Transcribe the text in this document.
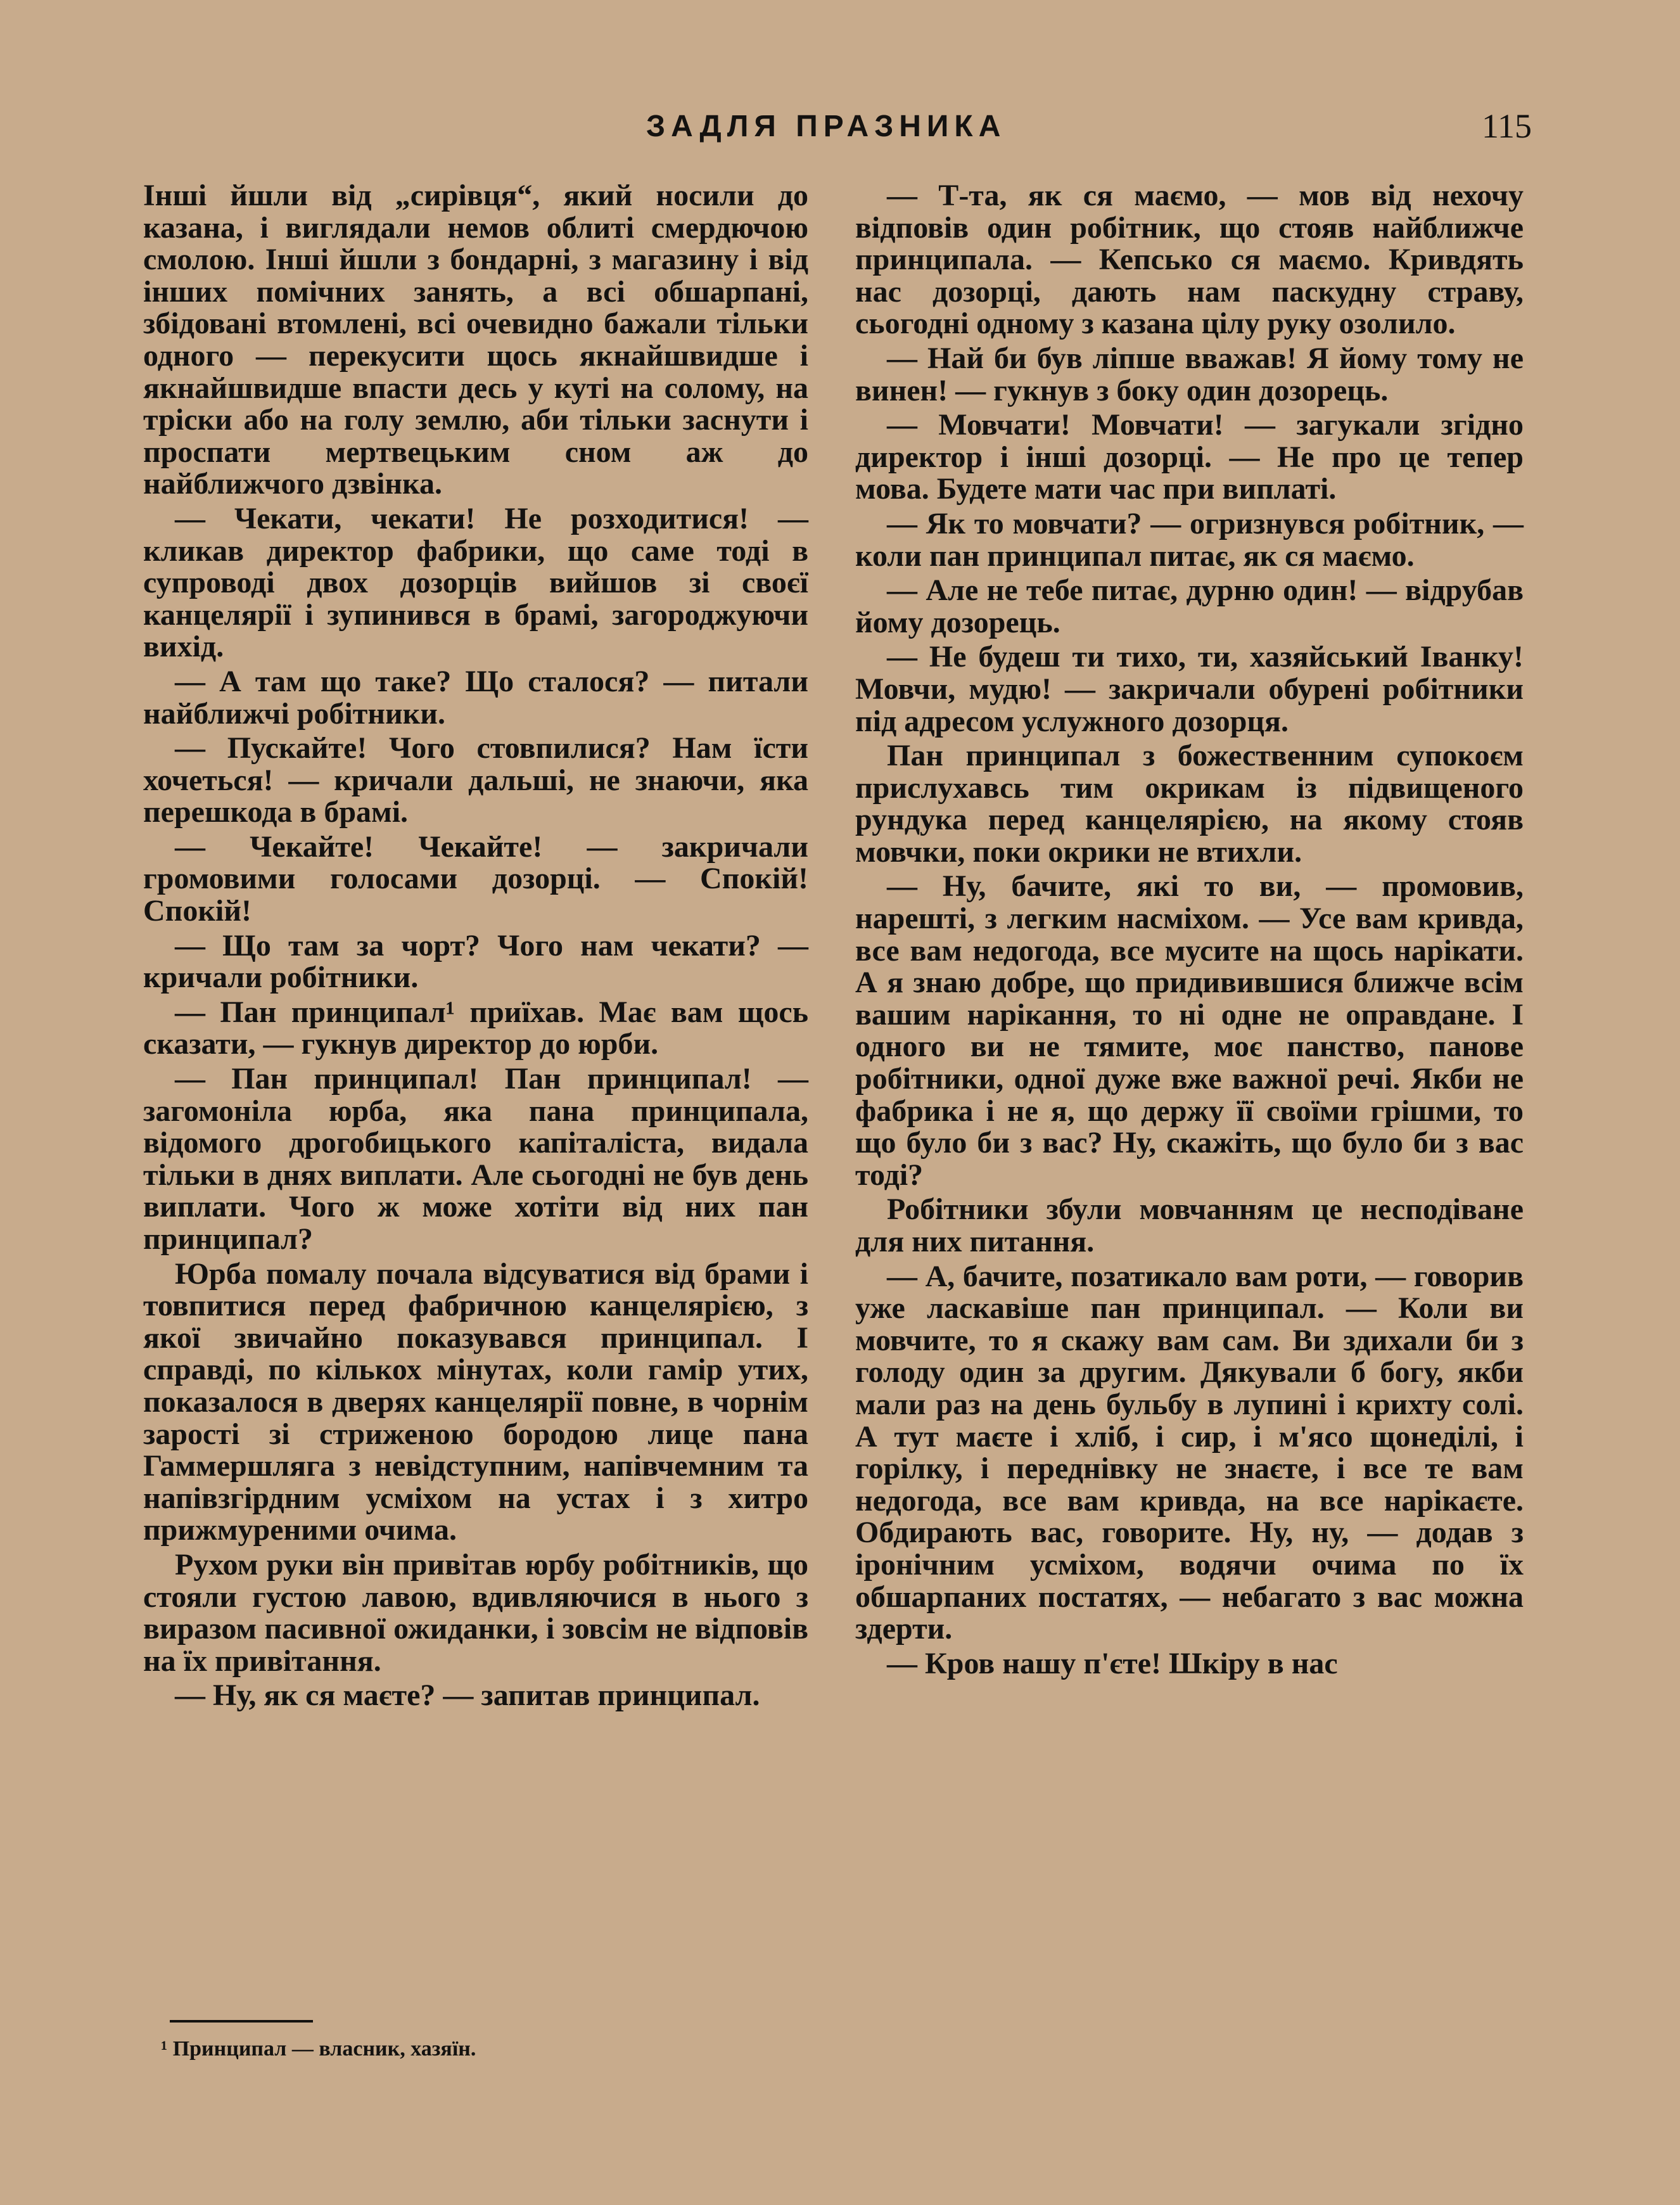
ЗАДЛЯ ПРАЗНИКА	115

Інші йшли від „сирівця“, який носили до казана, і виглядали немов облиті смердючою смолою. Інші йшли з бондарні, з магазину і від інших помічних занять, а всі обшарпані, збідовані втомлені, всі очевидно бажали тільки одного — перекусити щось якнайшвидше і якнайшвидше впасти десь у куті на солому, на тріски або на голу землю, аби тільки заснути і проспати мертвецьким сном аж до найближчого дзвінка.

— Чекати, чекати! Не розходитися! — кликав директор фабрики, що саме тоді в супроводі двох дозорців вийшов зі своєї канцелярії і зупинився в брамі, загороджуючи вихід.

— А там що таке? Що сталося? — питали найближчі робітники.

— Пускайте! Чого стовпилися? Нам їсти хочеться! — кричали дальші, не знаючи, яка перешкода в брамі.

— Чекайте! Чекайте! — закричали громовими голосами дозорці. — Спокій! Спокій!

— Що там за чорт? Чого нам чекати? — кричали робітники.

— Пан принципал¹ приїхав. Має вам щось сказати, — гукнув директор до юрби.

— Пан принципал! Пан принципал! — загомоніла юрба, яка пана принципала, відомого дрогобицького капіталіста, видала тільки в днях виплати. Але сьогодні не був день виплати. Чого ж може хотіти від них пан принципал?

Юрба помалу почала відсуватися від брами і товпитися перед фабричною канцелярією, з якої звичайно показувався принципал. І справді, по кількох мінутах, коли гамір утих, показалося в дверях канцелярії повне, в чорнім зарості зі стриженою бородою лице пана Гаммершляга з невідступним, напівчемним та напівзгірдним усміхом на устах і з хитро прижмуреними очима.

Рухом руки він привітав юрбу робітників, що стояли густою лавою, вдивляючися в нього з виразом пасивної ожиданки, і зовсім не відповів на їх привітання.

— Ну, як ся маєте? — запитав принципал.

— Т-та, як ся маємо, — мов від нехочу відповів один робітник, що стояв найближче принципала. — Кепсько ся маємо. Кривдять нас дозорці, дають нам паскудну страву, сьогодні одному з казана цілу руку озолило.

— Най би був ліпше вважав! Я йому тому не винен! — гукнув з боку один дозорець.

— Мовчати! Мовчати! — загукали згідно директор і інші дозорці. — Не про це тепер мова. Будете мати час при виплаті.

— Як то мовчати? — огризнувся робітник, — коли пан принципал питає, як ся маємо.

— Але не тебе питає, дурню один! — відрубав йому дозорець.

— Не будеш ти тихо, ти, хазяйський Іванку! Мовчи, мудю! — закричали обурені робітники під адресом услужного дозорця.

Пан принципал з божественним супокоєм прислухавсь тим окрикам із підвищеного рундука перед канцелярією, на якому стояв мовчки, поки окрики не втихли.

— Ну, бачите, які то ви, — промовив, нарешті, з легким насміхом. — Усе вам кривда, все вам недогода, все мусите на щось нарікати. А я знаю добре, що придивившися ближче всім вашим нарікання, то ні одне не оправдане. І одного ви не тямите, моє панство, панове робітники, одної дуже вже важної речі. Якби не фабрика і не я, що держу її своїми грішми, то що було би з вас? Ну, скажіть, що було би з вас тоді?

Робітники збули мовчанням це несподіване для них питання.

— А, бачите, позатикало вам роти, — говорив уже ласкавіше пан принципал. — Коли ви мовчите, то я скажу вам сам. Ви здихали би з голоду один за другим. Дякували б богу, якби мали раз на день бульбу в лупині і крихту солі. А тут маєте і хліб, і сир, і м'ясо щонеділі, і горілку, і переднівку не знаєте, і все те вам недогода, все вам кривда, на все нарікаєте. Обдирають вас, говорите. Ну, ну, — додав з іронічним усміхом, водячи очима по їх обшарпаних постатях, — небагато з вас можна здерти.

— Кров нашу п'єте! Шкіру в нас

¹ Принципал — власник, хазяїн.
